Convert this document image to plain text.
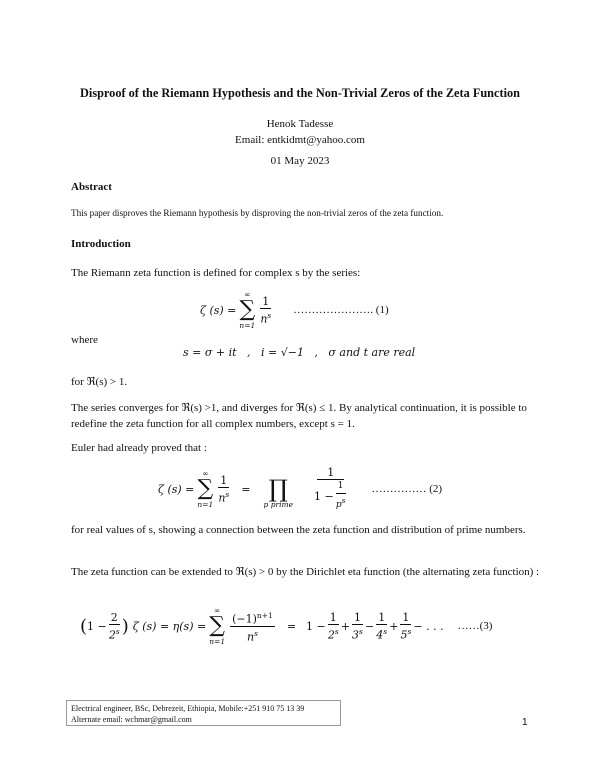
Disproof of the Riemann Hypothesis and the Non-Trivial Zeros of the Zeta Function
Henok Tadesse
Email: entkidmt@yahoo.com
01 May 2023
Abstract
This paper disproves the Riemann hypothesis by disproving the non-trivial zeros of the zeta function.
Introduction
The Riemann zeta function is defined for complex s by the series:
ζ (s) =
∞
∑
n=1
$\frac{1}{n^s}$ …………………. (1)
where
s = σ + it   ,   i = √−1   ,   σ and t are real
for ℜ(s) > 1.
The series converges for ℜ(s) >1, and diverges for ℜ(s) ≤ 1. By analytical continuation, it is possible to redefine the zeta function for all complex numbers, except s = 1.
Euler had already proved that :
ζ (s) =
∞
∑
n=1
$\frac{1}{n^s}$ =
∏
p prime $\frac{1}{1 - \frac{1}{p^s}}$ …………… (2)
for real values of s, showing a connection between the zeta function and distribution of prime numbers.
The zeta function can be extended to ℜ(s) > 0 by the Dirichlet eta function (the alternating zeta function) :
( $1 - \frac{2}{2^s}$ ) ζ (s) = η(s) =
∞
∑
$n=1 \frac{(-1)^{n+1}}{n^s} = 1 - \frac{1}{2^s} + \frac{1}{3^s} - \frac{1}{4^s} + \frac{1}{5^s}$ − . . . ……(3)
Electrical engineer, BSc, Debrezeit, Ethiopia, Mobile:+251 910 75 13 39
Alternate email: wchmar@gmail.com	1
